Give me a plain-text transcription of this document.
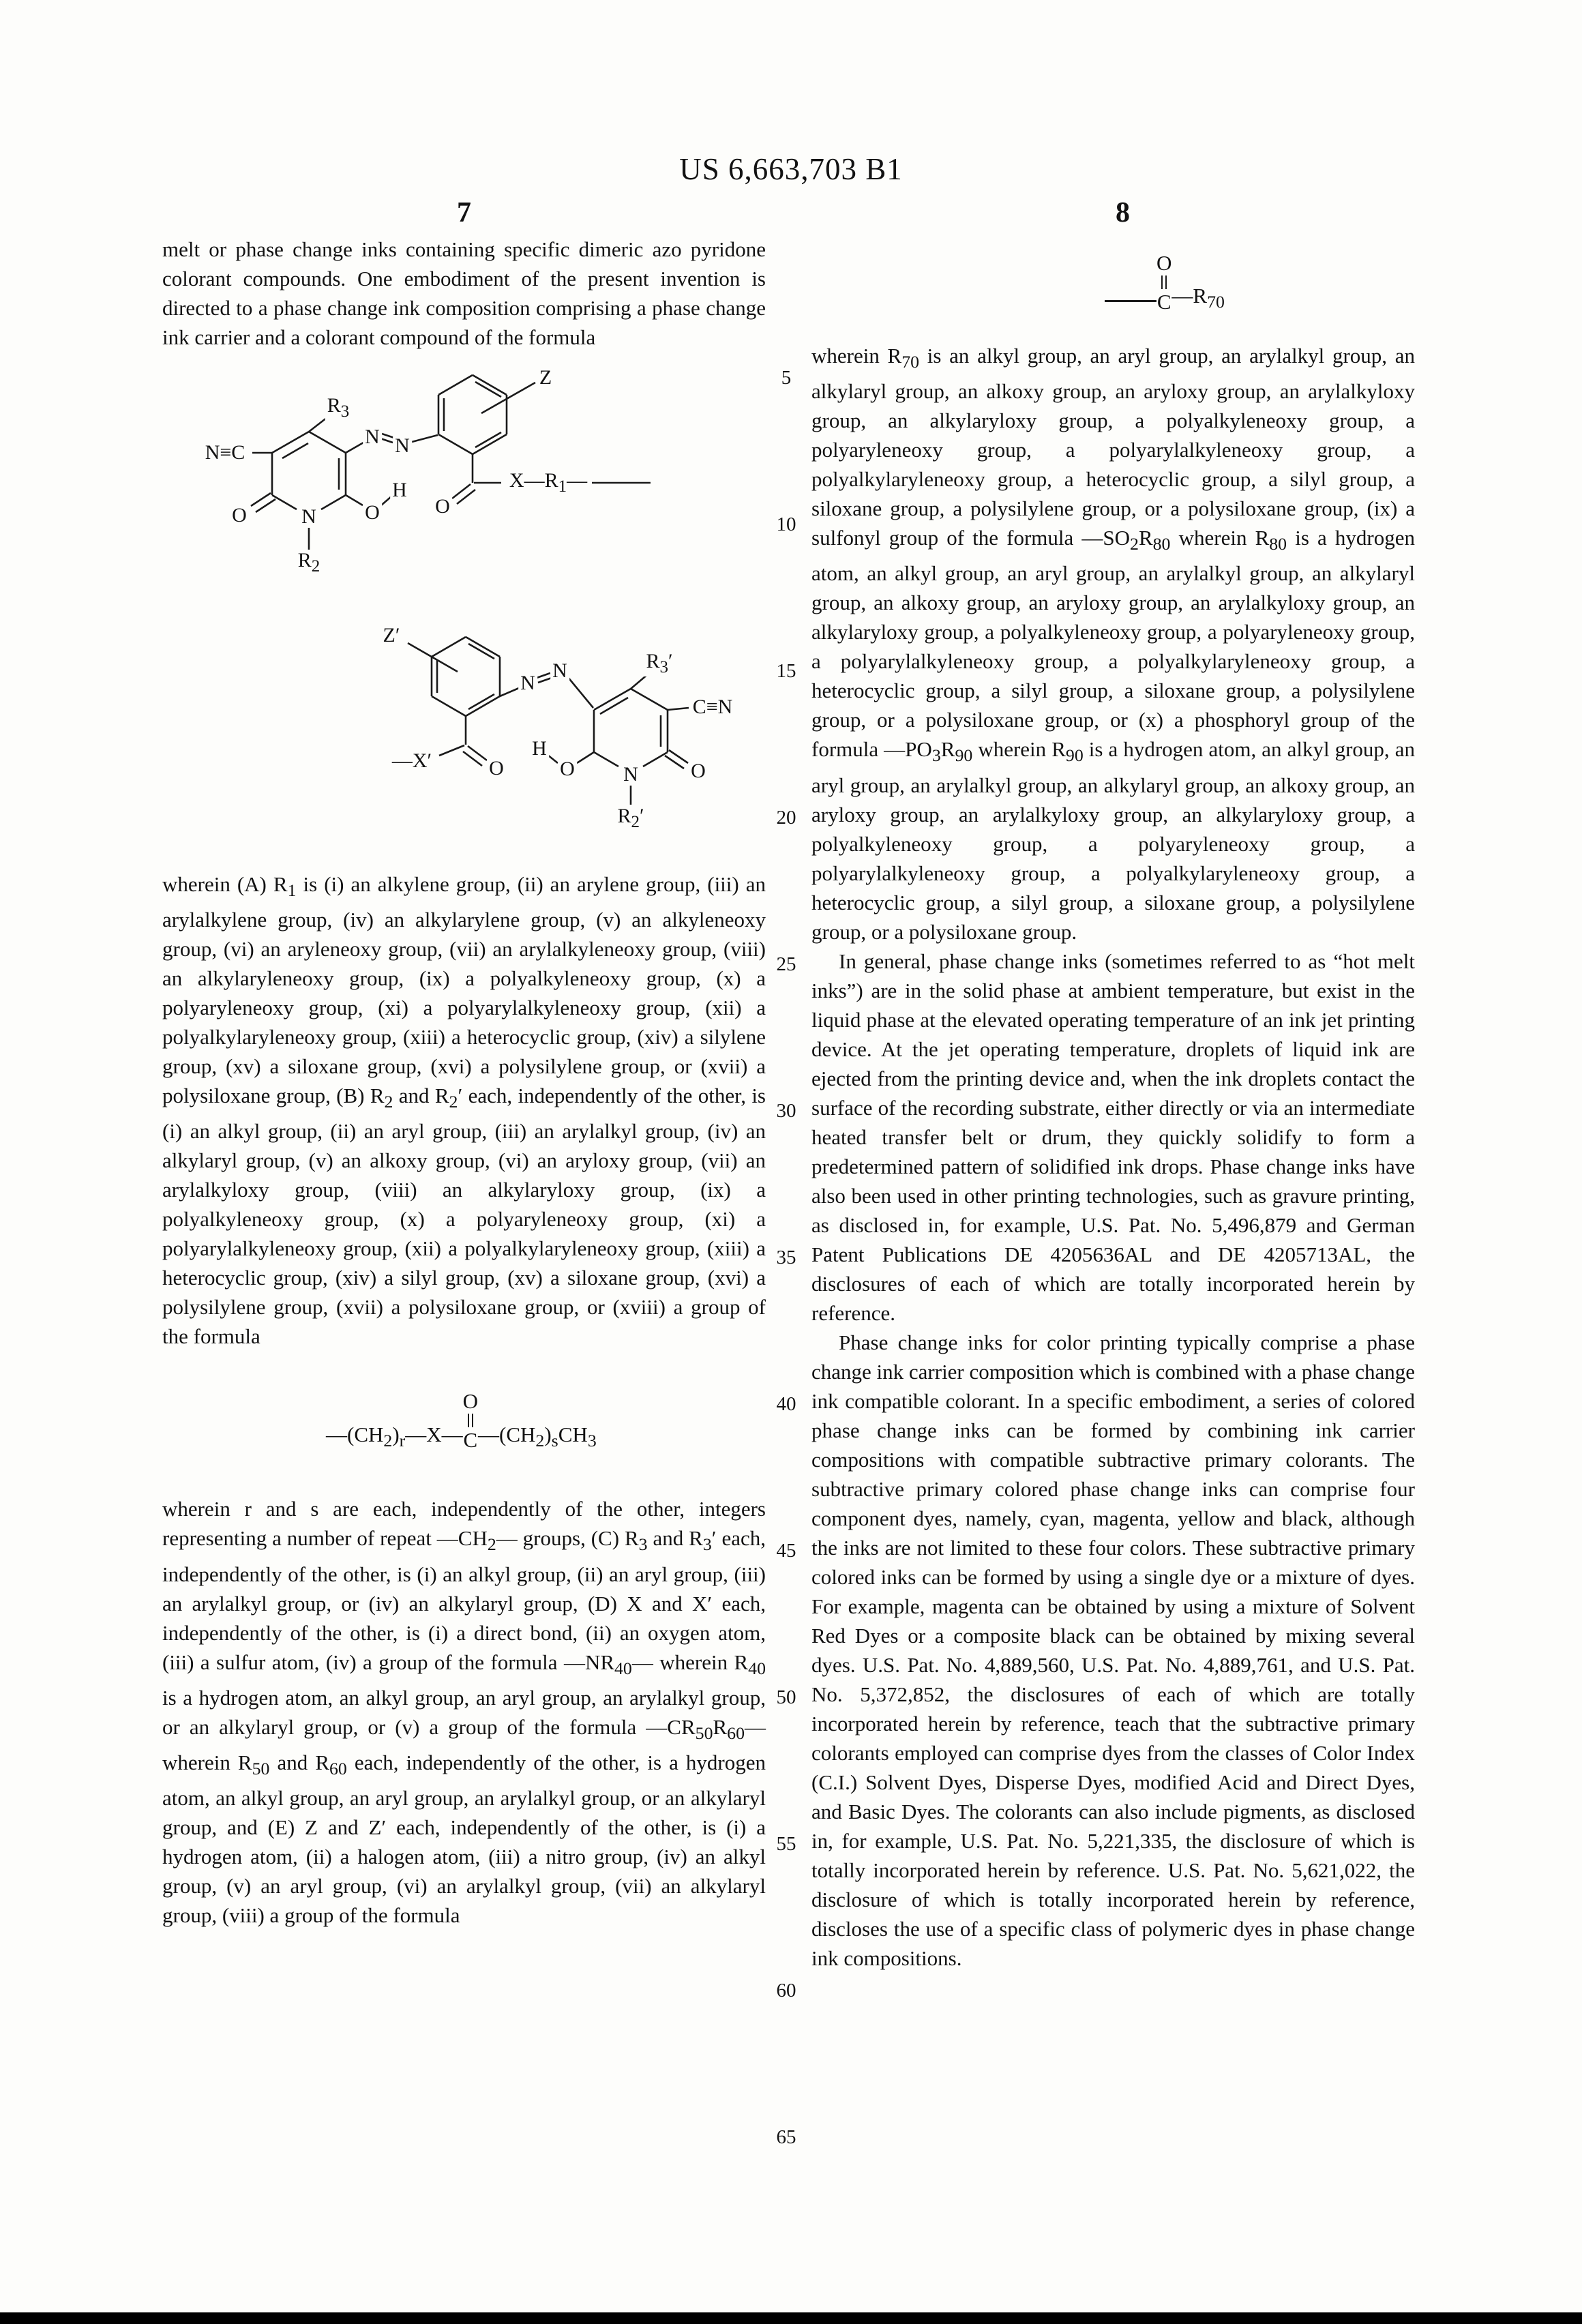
US 6,663,703 B1
7	8
5
10
15
20
25
30
35
40
45
50
55
60
65

melt or phase change inks containing specific dimeric azo pyridone colorant compounds. One embodiment of the present invention is directed to a phase change ink composition comprising a phase change ink carrier and a colorant compound of the formula

N≡C
$R_3$
O	N
$R_2$
O
H
N N
Z
O
$X—R_1—$
Z′
O
—X′
N
N	$R_3'$
C≡N
O
N
$R_2'$
O
H

wherein (A) $R_1$ is (i) an alkylene group, (ii) an arylene group, (iii) an arylalkylene group, (iv) an alkylarylene group, (v) an alkyleneoxy group, (vi) an aryleneoxy group, (vii) an arylalkyleneoxy group, (viii) an alkylaryleneoxy group, (ix) a polyalkyleneoxy group, (x) a polyaryleneoxy group, (xi) a polyarylalkyleneoxy group, (xii) a polyalkylaryleneoxy group, (xiii) a heterocyclic group, (xiv) a silylene group, (xv) a siloxane group, (xvi) a polysilylene group, or (xvii) a polysiloxane group, (B) $R_2$ and $R_2'$ each, independently of the other, is (i) an alkyl group, (ii) an aryl group, (iii) an arylalkyl group, (iv) an alkylaryl group, (v) an alkoxy group, (vi) an aryloxy group, (vii) an arylalkyloxy group, (viii) an alkylaryloxy group, (ix) a polyalkyleneoxy group, (x) a polyaryleneoxy group, (xi) a polyarylalkyleneoxy group, (xii) a polyalkylaryleneoxy group, (xiii) a heterocyclic group, (xiv) a silyl group, (xv) a siloxane group, (xvi) a polysilylene group, (xvii) a polysiloxane group, or (xviii) a group of the formula

$—(CH_2)_r—X—$
O
C $—(CH_2)_sCH_3$

wherein r and s are each, independently of the other, integers representing a number of repeat $—CH_2—$ groups, (C) $R_3$ and $R_3'$ each, independently of the other, is (i) an alkyl group, (ii) an aryl group, (iii) an arylalkyl group, or (iv) an alkylaryl group, (D) X and X′ each, independently of the other, is (i) a direct bond, (ii) an oxygen atom, (iii) a sulfur atom, (iv) a group of the formula $—NR_{40}—$ wherein $R_{40}$ is a hydrogen atom, an alkyl group, an aryl group, an arylalkyl group, or an alkylaryl group, or (v) a group of the formula $—CR_{50}R_{60}—$ wherein $R_{50}$ and $R_{60}$ each, independently of the other, is a hydrogen atom, an alkyl group, an aryl group, an arylalkyl group, or an alkylaryl group, and (E) Z and Z′ each, independently of the other, is (i) a hydrogen atom, (ii) a halogen atom, (iii) a nitro group, (iv) an alkyl group, (v) an aryl group, (vi) an arylalkyl group, (vii) an alkylaryl group, (viii) a group of the formula

O
C $—R_{70}$

wherein $R_{70}$ is an alkyl group, an aryl group, an arylalkyl group, an alkylaryl group, an alkoxy group, an aryloxy group, an arylalkyloxy group, an alkylaryloxy group, a polyalkyleneoxy group, a polyaryleneoxy group, a polyarylalkyleneoxy group, a polyalkylaryleneoxy group, a heterocyclic group, a silyl group, a siloxane group, a polysilylene group, or a polysiloxane group, (ix) a sulfonyl group of the formula $—SO_2R_{80}$ wherein $R_{80}$ is a hydrogen atom, an alkyl group, an aryl group, an arylalkyl group, an alkylaryl group, an alkoxy group, an aryloxy group, an arylalkyloxy group, an alkylaryloxy group, a polyalkyleneoxy group, a polyaryleneoxy group, a polyarylalkyleneoxy group, a polyalkylaryleneoxy group, a heterocyclic group, a silyl group, a siloxane group, a polysilylene group, or a polysiloxane group, or (x) a phosphoryl group of the formula $—PO_3R_{90}$ wherein $R_{90}$ is a hydrogen atom, an alkyl group, an aryl group, an arylalkyl group, an alkylaryl group, an alkoxy group, an aryloxy group, an arylalkyloxy group, an alkylaryloxy group, a polyalkyleneoxy group, a polyaryleneoxy group, a polyarylalkyleneoxy group, a polyalkylaryleneoxy group, a heterocyclic group, a silyl group, a siloxane group, a polysilylene group, or a polysiloxane group.

In general, phase change inks (sometimes referred to as “hot melt inks”) are in the solid phase at ambient temperature, but exist in the liquid phase at the elevated operating temperature of an ink jet printing device. At the jet operating temperature, droplets of liquid ink are ejected from the printing device and, when the ink droplets contact the surface of the recording substrate, either directly or via an intermediate heated transfer belt or drum, they quickly solidify to form a predetermined pattern of solidified ink drops. Phase change inks have also been used in other printing technologies, such as gravure printing, as disclosed in, for example, U.S. Pat. No. 5,496,879 and German Patent Publications DE 4205636AL and DE 4205713AL, the disclosures of each of which are totally incorporated herein by reference.

Phase change inks for color printing typically comprise a phase change ink carrier composition which is combined with a phase change ink compatible colorant. In a specific embodiment, a series of colored phase change inks can be formed by combining ink carrier compositions with compatible subtractive primary colorants. The subtractive primary colored phase change inks can comprise four component dyes, namely, cyan, magenta, yellow and black, although the inks are not limited to these four colors. These subtractive primary colored inks can be formed by using a single dye or a mixture of dyes. For example, magenta can be obtained by using a mixture of Solvent Red Dyes or a composite black can be obtained by mixing several dyes. U.S. Pat. No. 4,889,560, U.S. Pat. No. 4,889,761, and U.S. Pat. No. 5,372,852, the disclosures of each of which are totally incorporated herein by reference, teach that the subtractive primary colorants employed can comprise dyes from the classes of Color Index (C.I.) Solvent Dyes, Disperse Dyes, modified Acid and Direct Dyes, and Basic Dyes. The colorants can also include pigments, as disclosed in, for example, U.S. Pat. No. 5,221,335, the disclosure of which is totally incorporated herein by reference. U.S. Pat. No. 5,621,022, the disclosure of which is totally incorporated herein by reference, discloses the use of a specific class of polymeric dyes in phase change ink compositions.
